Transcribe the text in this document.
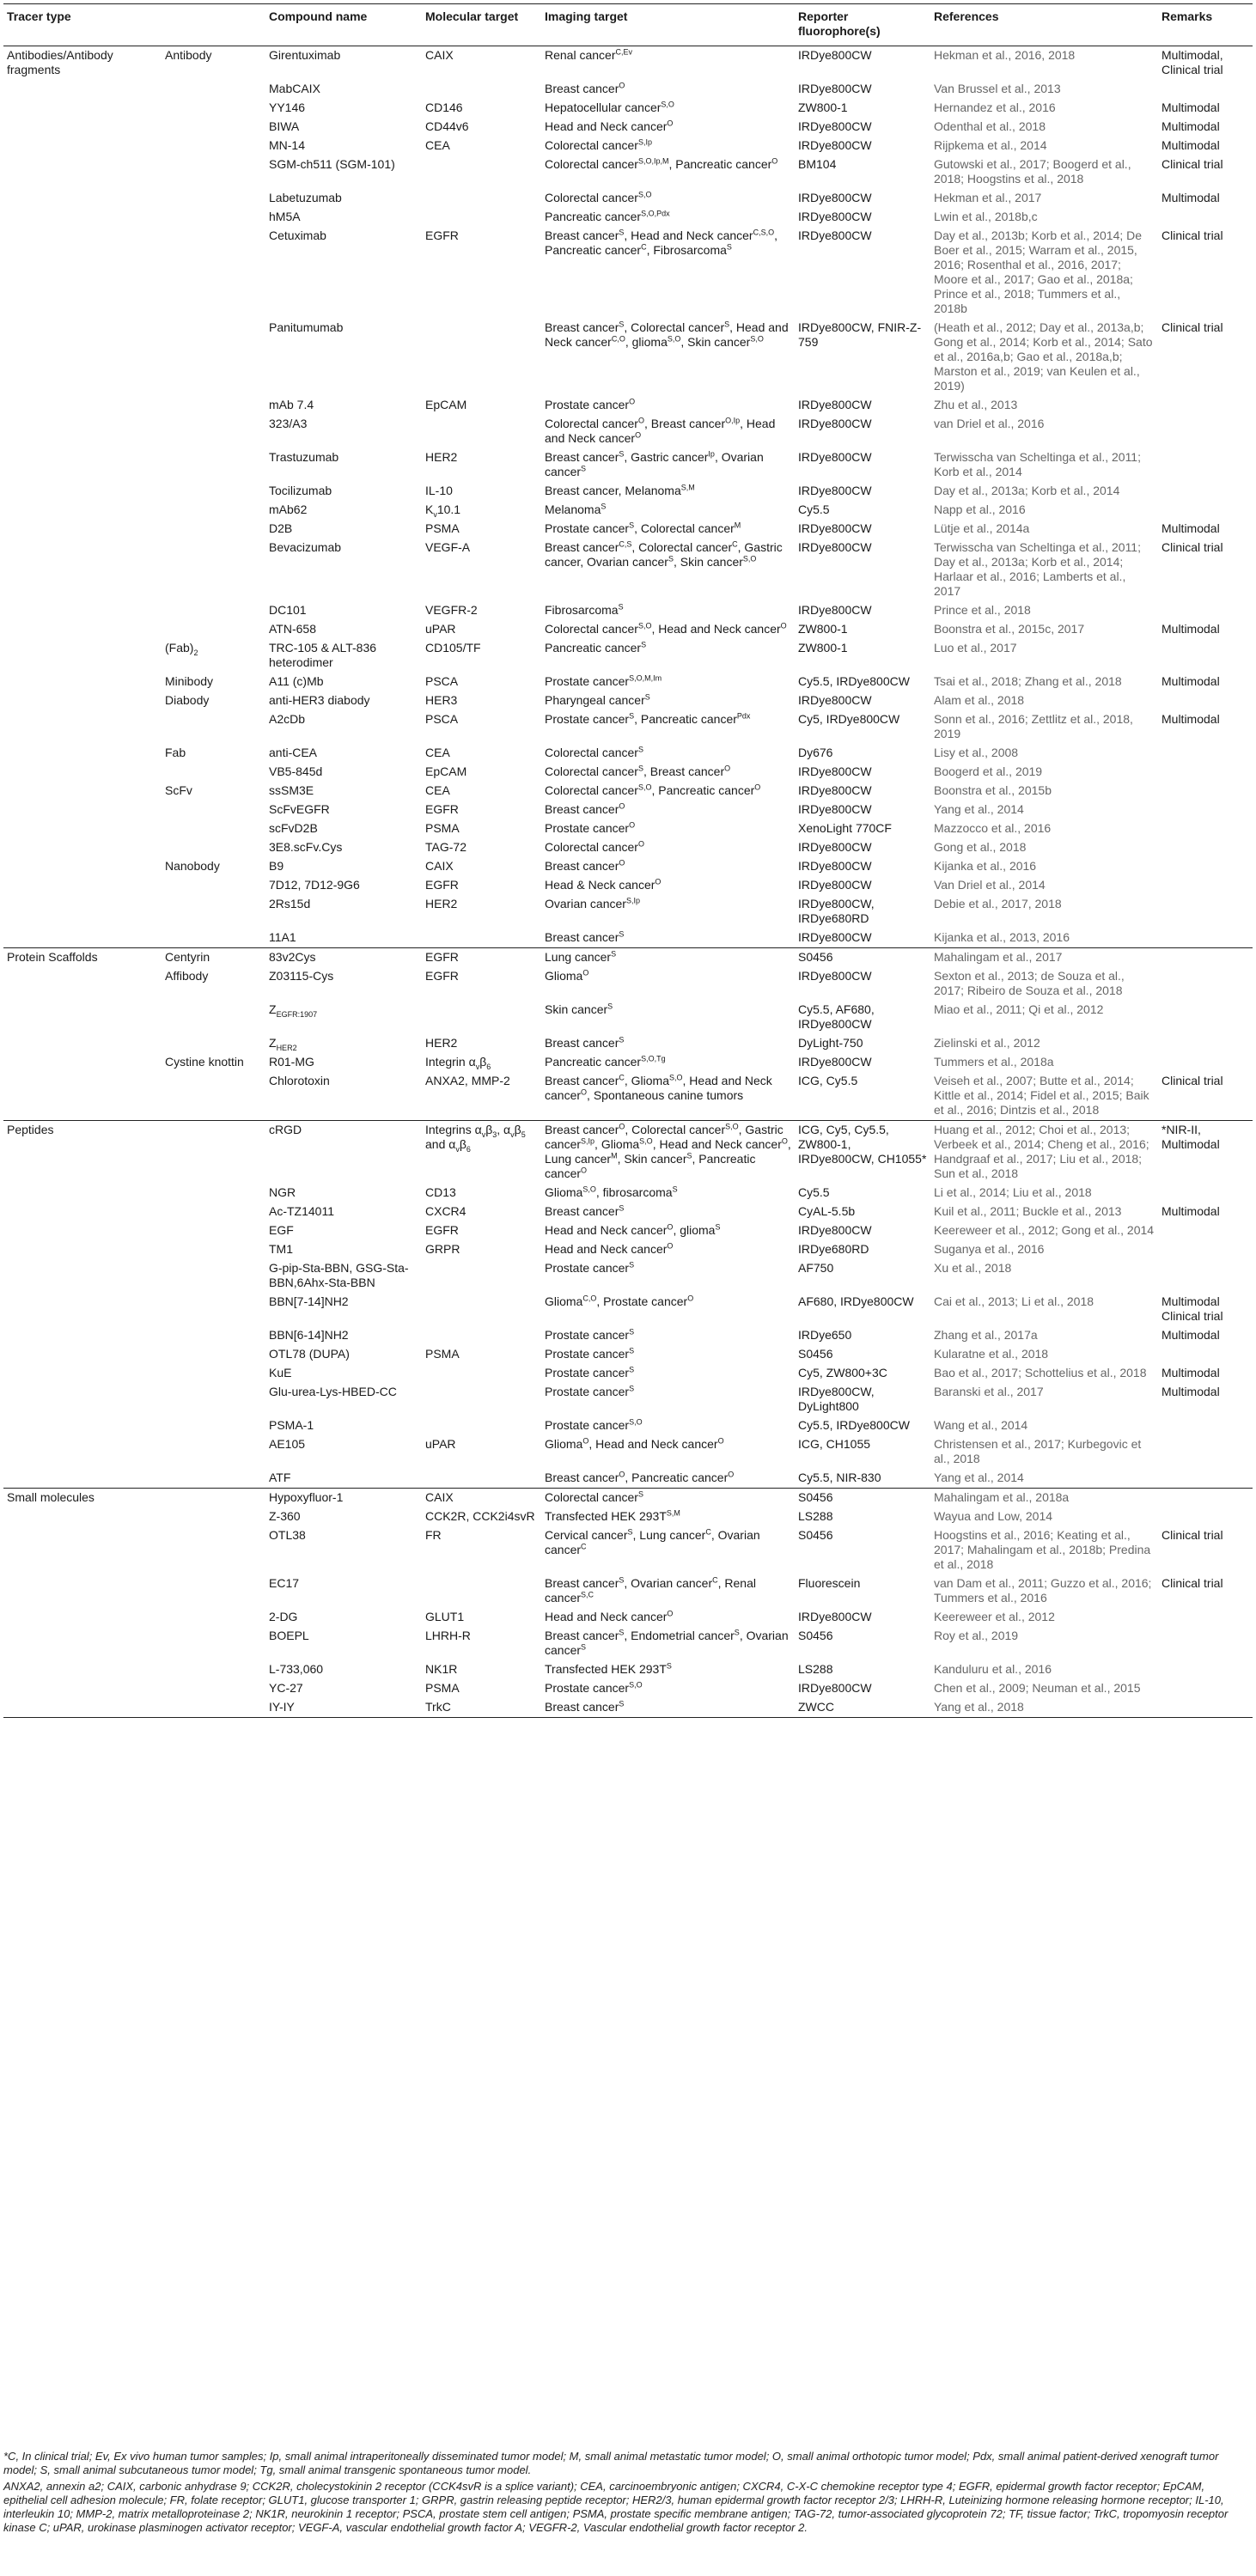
Tracer type		Compound name	Molecular target	Imaging target	Reporter fluorophore(s)	References	Remarks
Antibodies/Antibody fragments	Antibody	Girentuximab	CAIX	Renal cancer$^{C,Ev}$	IRDye800CW	Hekman et al., 2016, 2018	Multimodal, Clinical trial
		MabCAIX		Breast cancer$^O$	IRDye800CW	Van Brussel et al., 2013	
		YY146	CD146	Hepatocellular cancer$^{S,O}$	ZW800-1	Hernandez et al., 2016	Multimodal
		BIWA	CD44v6	Head and Neck cancer$^O$	IRDye800CW	Odenthal et al., 2018	Multimodal
		MN-14	CEA	Colorectal cancer$^{S,Ip}$	IRDye800CW	Rijpkema et al., 2014	Multimodal
		SGM-ch511 (SGM-101)		Colorectal cancer$^{S,O,Ip,M}$, Pancreatic cancer$^O$	BM104	Gutowski et al., 2017; Boogerd et al., 2018; Hoogstins et al., 2018	Clinical trial
		Labetuzumab		Colorectal cancer$^{S,O}$	IRDye800CW	Hekman et al., 2017	Multimodal
		hM5A		Pancreatic cancer$^{S,O,Pdx}$	IRDye800CW	Lwin et al., 2018b,c	
		Cetuximab	EGFR	Breast cancer$^S$, Head and Neck cancer$^{C,S,O}$, Pancreatic cancer$^C$, Fibrosarcoma$^S$	IRDye800CW	Day et al., 2013b; Korb et al., 2014; De Boer et al., 2015; Warram et al., 2015, 2016; Rosenthal et al., 2016, 2017; Moore et al., 2017; Gao et al., 2018a; Prince et al., 2018; Tummers et al., 2018b	Clinical trial
		Panitumumab		Breast cancer$^S$, Colorectal cancer$^S$, Head and Neck cancer$^{C,O}$, glioma$^{S,O}$, Skin cancer$^{S,O}$	IRDye800CW, FNIR-Z-759	(Heath et al., 2012; Day et al., 2013a,b; Gong et al., 2014; Korb et al., 2014; Sato et al., 2016a,b; Gao et al., 2018a,b; Marston et al., 2019; van Keulen et al., 2019)	Clinical trial
		mAb 7.4	EpCAM	Prostate cancer$^O$	IRDye800CW	Zhu et al., 2013	
		323/A3		Colorectal cancer$^O$, Breast cancer$^{O,Ip}$, Head and Neck cancer$^O$	IRDye800CW	van Driel et al., 2016	
		Trastuzumab	HER2	Breast cancer$^S$, Gastric cancer$^{Ip}$, Ovarian cancer$^S$	IRDye800CW	Terwisscha van Scheltinga et al., 2011; Korb et al., 2014	
		Tocilizumab	IL-10	Breast cancer, Melanoma$^{S,M}$	IRDye800CW	Day et al., 2013a; Korb et al., 2014	
		mAb62	$K_v10.1$	Melanoma$^S$	Cy5.5	Napp et al., 2016	
		D2B	PSMA	Prostate cancer$^S$, Colorectal cancer$^M$	IRDye800CW	Lütje et al., 2014a	Multimodal
		Bevacizumab	VEGF-A	Breast cancer$^{C,S}$, Colorectal cancer$^C$, Gastric cancer, Ovarian cancer$^S$, Skin cancer$^{S,O}$	IRDye800CW	Terwisscha van Scheltinga et al., 2011; Day et al., 2013a; Korb et al., 2014; Harlaar et al., 2016; Lamberts et al., 2017	Clinical trial
		DC101	VEGFR-2	Fibrosarcoma$^S$	IRDye800CW	Prince et al., 2018	
		ATN-658	uPAR	Colorectal cancer$^{S,O}$, Head and Neck cancer$^O$	ZW800-1	Boonstra et al., 2015c, 2017	Multimodal
	$(Fab)_2$	TRC-105 & ALT-836 heterodimer	CD105/TF	Pancreatic cancer$^S$	ZW800-1	Luo et al., 2017	
	Minibody	A11 (c)Mb	PSCA	Prostate cancer$^{S,O,M,Im}$	Cy5.5, IRDye800CW	Tsai et al., 2018; Zhang et al., 2018	Multimodal
	Diabody	anti-HER3 diabody	HER3	Pharyngeal cancer$^S$	IRDye800CW	Alam et al., 2018	
		A2cDb	PSCA	Prostate cancer$^S$, Pancreatic cancer$^{Pdx}$	Cy5, IRDye800CW	Sonn et al., 2016; Zettlitz et al., 2018, 2019	Multimodal
	Fab	anti-CEA	CEA	Colorectal cancer$^S$	Dy676	Lisy et al., 2008	
		VB5-845d	EpCAM	Colorectal cancer$^S$, Breast cancer$^O$	IRDye800CW	Boogerd et al., 2019	
	ScFv	ssSM3E	CEA	Colorectal cancer$^{S,O}$, Pancreatic cancer$^O$	IRDye800CW	Boonstra et al., 2015b	
		ScFvEGFR	EGFR	Breast cancer$^O$	IRDye800CW	Yang et al., 2014	
		scFvD2B	PSMA	Prostate cancer$^O$	XenoLight 770CF	Mazzocco et al., 2016	
		3E8.scFv.Cys	TAG-72	Colorectal cancer$^O$	IRDye800CW	Gong et al., 2018	
	Nanobody	B9	CAIX	Breast cancer$^O$	IRDye800CW	Kijanka et al., 2016	
		7D12, 7D12-9G6	EGFR	Head & Neck cancer$^O$	IRDye800CW	Van Driel et al., 2014	
		2Rs15d	HER2	Ovarian cancer$^{S,Ip}$	IRDye800CW, IRDye680RD	Debie et al., 2017, 2018	
		11A1		Breast cancer$^S$	IRDye800CW	Kijanka et al., 2013, 2016	
Protein Scaffolds	Centyrin	83v2Cys	EGFR	Lung cancer$^S$	S0456	Mahalingam et al., 2017	
	Affibody	Z03115-Cys	EGFR	Glioma$^O$	IRDye800CW	Sexton et al., 2013; de Souza et al., 2017; Ribeiro de Souza et al., 2018	
		$Z_{EGFR:1907}$		Skin cancer$^S$	Cy5.5, AF680, IRDye800CW	Miao et al., 2011; Qi et al., 2012	
		$Z_{HER2}$	HER2	Breast cancer$^S$	DyLight-750	Zielinski et al., 2012	
	Cystine knottin	R01-MG	Integrin $\alpha_v\beta_6$	Pancreatic cancer$^{S,O,Tg}$	IRDye800CW	Tummers et al., 2018a	
		Chlorotoxin	ANXA2, MMP-2	Breast cancer$^C$, Glioma$^{S,O}$, Head and Neck cancer$^O$, Spontaneous canine tumors	ICG, Cy5.5	Veiseh et al., 2007; Butte et al., 2014; Kittle et al., 2014; Fidel et al., 2015; Baik et al., 2016; Dintzis et al., 2018	Clinical trial
Peptides		cRGD	Integrins $\alpha_v\beta_3$, $\alpha_v\beta_5$ and $\alpha_v\beta_6$	Breast cancer$^O$, Colorectal cancer$^{S,O}$, Gastric cancer$^{S,Ip}$, Glioma$^{S,O}$, Head and Neck cancer$^O$, Lung cancer$^M$, Skin cancer$^S$, Pancreatic cancer$^O$	ICG, Cy5, Cy5.5, ZW800-1, IRDye800CW, CH1055*	Huang et al., 2012; Choi et al., 2013; Verbeek et al., 2014; Cheng et al., 2016; Handgraaf et al., 2017; Liu et al., 2018; Sun et al., 2018	*NIR-II, Multimodal
		NGR	CD13	Glioma$^{S,O}$, fibrosarcoma$^S$	Cy5.5	Li et al., 2014; Liu et al., 2018	
		Ac-TZ14011	CXCR4	Breast cancer$^S$	CyAL-5.5b	Kuil et al., 2011; Buckle et al., 2013	Multimodal
		EGF	EGFR	Head and Neck cancer$^O$, glioma$^S$	IRDye800CW	Keereweer et al., 2012; Gong et al., 2014	
		TM1	GRPR	Head and Neck cancer$^O$	IRDye680RD	Suganya et al., 2016	
		G-pip-Sta-BBN, GSG-Sta-BBN,6Ahx-Sta-BBN		Prostate cancer$^S$	AF750	Xu et al., 2018	
		BBN[7-14]NH2		Glioma$^{C,O}$, Prostate cancer$^O$	AF680, IRDye800CW	Cai et al., 2013; Li et al., 2018	Multimodal Clinical trial
		BBN[6-14]NH2		Prostate cancer$^S$	IRDye650	Zhang et al., 2017a	Multimodal
		OTL78 (DUPA)	PSMA	Prostate cancer$^S$	S0456	Kularatne et al., 2018	
		KuE		Prostate cancer$^S$	Cy5, ZW800+3C	Bao et al., 2017; Schottelius et al., 2018	Multimodal
		Glu-urea-Lys-HBED-CC		Prostate cancer$^S$	IRDye800CW, DyLight800	Baranski et al., 2017	Multimodal
		PSMA-1		Prostate cancer$^{S,O}$	Cy5.5, IRDye800CW	Wang et al., 2014	
		AE105	uPAR	Glioma$^O$, Head and Neck cancer$^O$	ICG, CH1055	Christensen et al., 2017; Kurbegovic et al., 2018	
		ATF		Breast cancer$^O$, Pancreatic cancer$^O$	Cy5.5, NIR-830	Yang et al., 2014	
Small molecules		Hypoxyfluor-1	CAIX	Colorectal cancer$^S$	S0456	Mahalingam et al., 2018a	
		Z-360	CCK2R, CCK2i4svR	Transfected HEK $293T^{S,M}$	LS288	Wayua and Low, 2014	
		OTL38	FR	Cervical cancer$^S$, Lung cancer$^C$, Ovarian cancer$^C$	S0456	Hoogstins et al., 2016; Keating et al., 2017; Mahalingam et al., 2018b; Predina et al., 2018	Clinical trial
		EC17		Breast cancer$^S$, Ovarian cancer$^C$, Renal cancer$^{S,C}$	Fluorescein	van Dam et al., 2011; Guzzo et al., 2016; Tummers et al., 2016	Clinical trial
		2-DG	GLUT1	Head and Neck cancer$^O$	IRDye800CW	Keereweer et al., 2012	
		BOEPL	LHRH-R	Breast cancer$^S$, Endometrial cancer$^S$, Ovarian cancer$^S$	S0456	Roy et al., 2019	
		L-733,060	NK1R	Transfected HEK $293T^S$	LS288	Kanduluru et al., 2016	
		YC-27	PSMA	Prostate cancer$^{S,O}$	IRDye800CW	Chen et al., 2009; Neuman et al., 2015	
		IY-IY	TrkC	Breast cancer$^S$	ZWCC	Yang et al., 2018	

*C, In clinical trial; Ev, Ex vivo human tumor samples; Ip, small animal intraperitoneally disseminated tumor model; M, small animal metastatic tumor model; O, small animal orthotopic tumor model; Pdx, small animal patient-derived xenograft tumor model; S, small animal subcutaneous tumor model; Tg, small animal transgenic spontaneous tumor model.

ANXA2, annexin a2; CAIX, carbonic anhydrase 9; CCK2R, cholecystokinin 2 receptor (CCK4svR is a splice variant); CEA, carcinoembryonic antigen; CXCR4, C-X-C chemokine receptor type 4; EGFR, epidermal growth factor receptor; EpCAM, epithelial cell adhesion molecule; FR, folate receptor; GLUT1, glucose transporter 1; GRPR, gastrin releasing peptide receptor; HER2/3, human epidermal growth factor receptor 2/3; LHRH-R, Luteinizing hormone releasing hormone receptor; IL-10, interleukin 10; MMP-2, matrix metalloproteinase 2; NK1R, neurokinin 1 receptor; PSCA, prostate stem cell antigen; PSMA, prostate specific membrane antigen; TAG-72, tumor-associated glycoprotein 72; TF, tissue factor; TrkC, tropomyosin receptor kinase C; uPAR, urokinase plasminogen activator receptor; VEGF-A, vascular endothelial growth factor A; VEGFR-2, Vascular endothelial growth factor receptor 2.
